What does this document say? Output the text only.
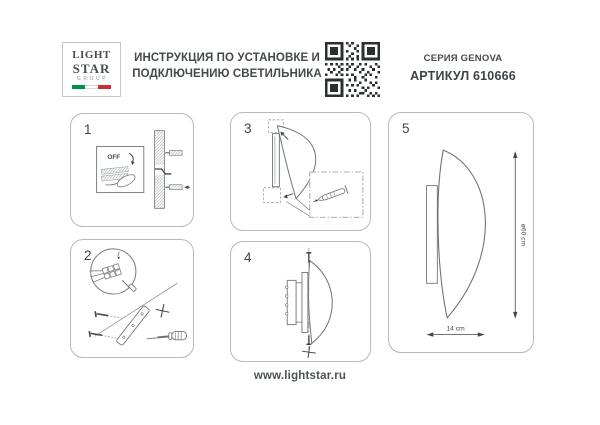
LIGHT
STAR
GROUP
ИНСТРУКЦИЯ ПО УСТАНОВКЕ И
ПОДКЛЮЧЕНИЮ СВЕТИЛЬНИКА
СЕРИЯ GENOVA
АРТИКУЛ 610666
1
OFF
2
3
4
5
ø60 cm
14 cm
www.lightstar.ru
